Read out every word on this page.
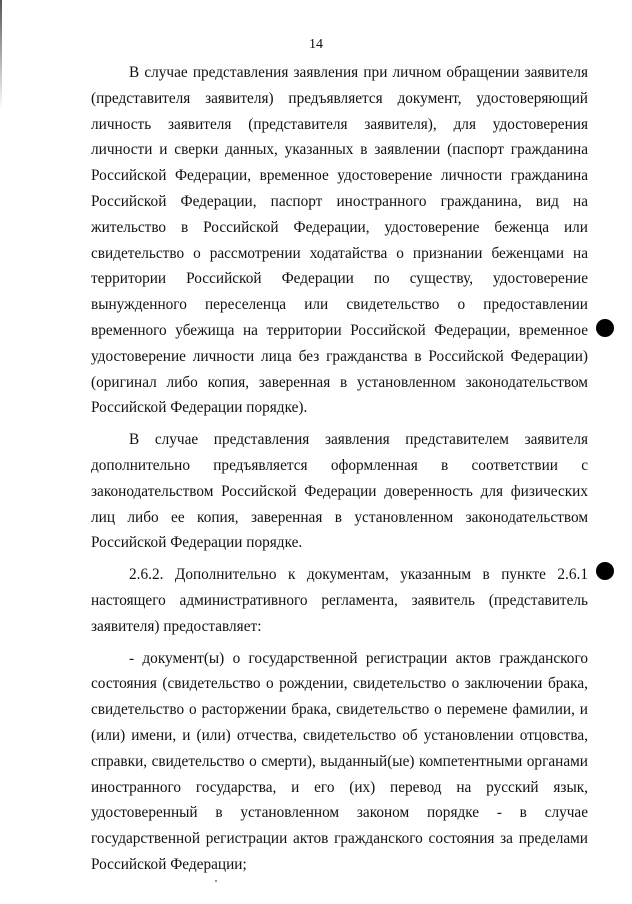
14

В случае представления заявления при личном обращении заявителя (представителя заявителя) предъявляется документ, удостоверяющий личность заявителя (представителя заявителя), для удостоверения личности и сверки данных, указанных в заявлении (паспорт гражданина Российской Федерации, временное удостоверение личности гражданина Российской Федерации, паспорт иностранного гражданина, вид на жительство в Российской Федерации, удостоверение беженца или свидетельство о рассмотрении ходатайства о признании беженцами на территории Российской Федерации по существу, удостоверение вынужденного переселенца или свидетельство о предоставлении временного убежища на территории Российской Федерации, временное удостоверение личности лица без гражданства в Российской Федерации) (оригинал либо копия, заверенная в установленном законодательством Российской Федерации порядке).

В случае представления заявления представителем заявителя дополнительно предъявляется оформленная в соответствии с законодательством Российской Федерации доверенность для физических лиц либо ее копия, заверенная в установленном законодательством Российской Федерации порядке.

2.6.2. Дополнительно к документам, указанным в пункте 2.6.1 настоящего административного регламента, заявитель (представитель заявителя) предоставляет:

- документ(ы) о государственной регистрации актов гражданского состояния (свидетельство о рождении, свидетельство о заключении брака, свидетельство о расторжении брака, свидетельство о перемене фамилии, и (или) имени, и (или) отчества, свидетельство об установлении отцовства, справки, свидетельство о смерти), выданный(ые) компетентными органами иностранного государства, и его (их) перевод на русский язык, удостоверенный в установленном законом порядке - в случае государственной регистрации актов гражданского состояния за пределами Российской Федерации;
